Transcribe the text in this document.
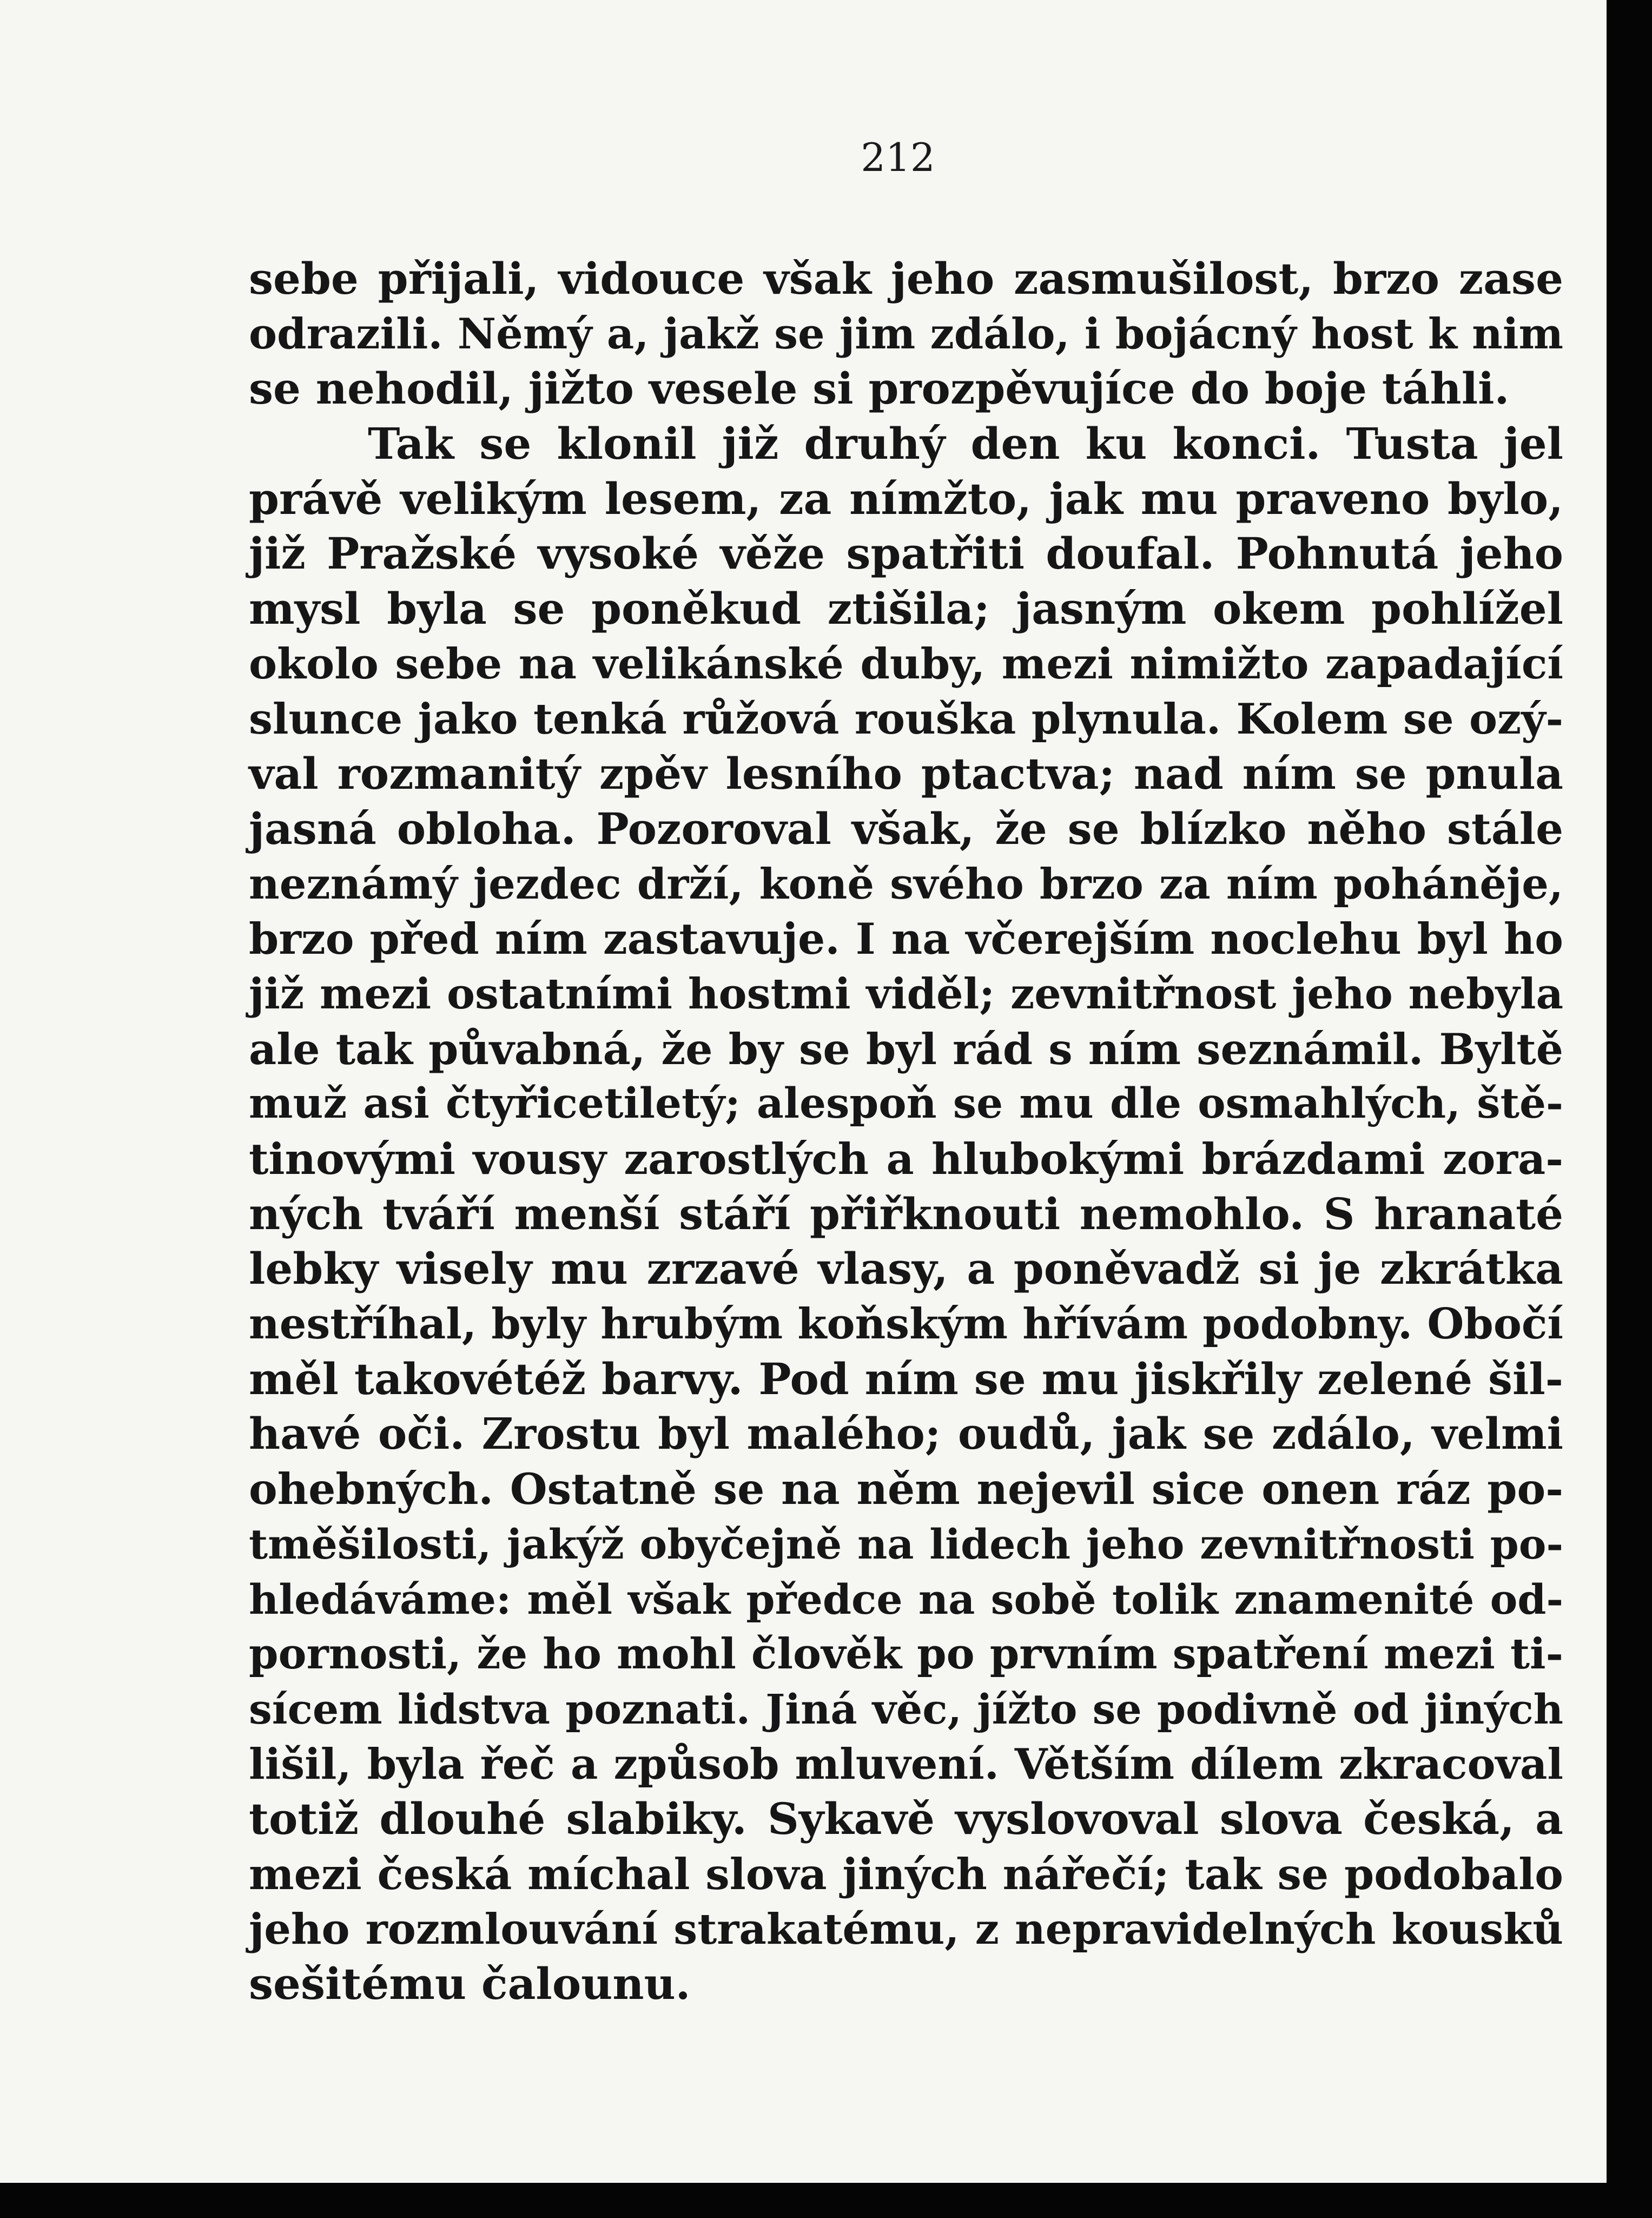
212
sebe přijali, vidouce však jeho zasmušilost, brzo zase
odrazili. Němý a, jakž se jim zdálo, i bojácný host k nim
se nehodil, jižto vesele si prozpěvujíce do boje táhli.
Tak se klonil již druhý den ku konci. Tusta jel
právě velikým lesem, za nímžto, jak mu praveno bylo,
již Pražské vysoké věže spatřiti doufal. Pohnutá jeho
mysl byla se poněkud ztišila; jasným okem pohlížel
okolo sebe na velikánské duby, mezi nimižto zapadající
slunce jako tenká růžová rouška plynula. Kolem se ozý-
val rozmanitý zpěv lesního ptactva; nad ním se pnula
jasná obloha. Pozoroval však, že se blízko něho stále
neznámý jezdec drží, koně svého brzo za ním poháněje,
brzo před ním zastavuje. I na včerejším noclehu byl ho
již mezi ostatními hostmi viděl; zevnitřnost jeho nebyla
ale tak půvabná, že by se byl rád s ním seznámil. Byltě
muž asi čtyřicetiletý; alespoň se mu dle osmahlých, ště-
tinovými vousy zarostlých a hlubokými brázdami zora-
ných tváří menší stáří přiřknouti nemohlo. S hranaté
lebky visely mu zrzavé vlasy, a poněvadž si je zkrátka
nestříhal, byly hrubým koňským hřívám podobny. Obočí
měl takovétéž barvy. Pod ním se mu jiskřily zelené šil-
havé oči. Zrostu byl malého; oudů, jak se zdálo, velmi
ohebných. Ostatně se na něm nejevil sice onen ráz po-
tměšilosti, jakýž obyčejně na lidech jeho zevnitřnosti po-
hledáváme: měl však předce na sobě tolik znamenité od-
pornosti, že ho mohl člověk po prvním spatření mezi ti-
sícem lidstva poznati. Jiná věc, jížto se podivně od jiných
lišil, byla řeč a způsob mluvení. Větším dílem zkracoval
totiž dlouhé slabiky. Sykavě vyslovoval slova česká, a
mezi česká míchal slova jiných nářečí; tak se podobalo
jeho rozmlouvání strakatému, z nepravidelných kousků
sešitému čalounu.
